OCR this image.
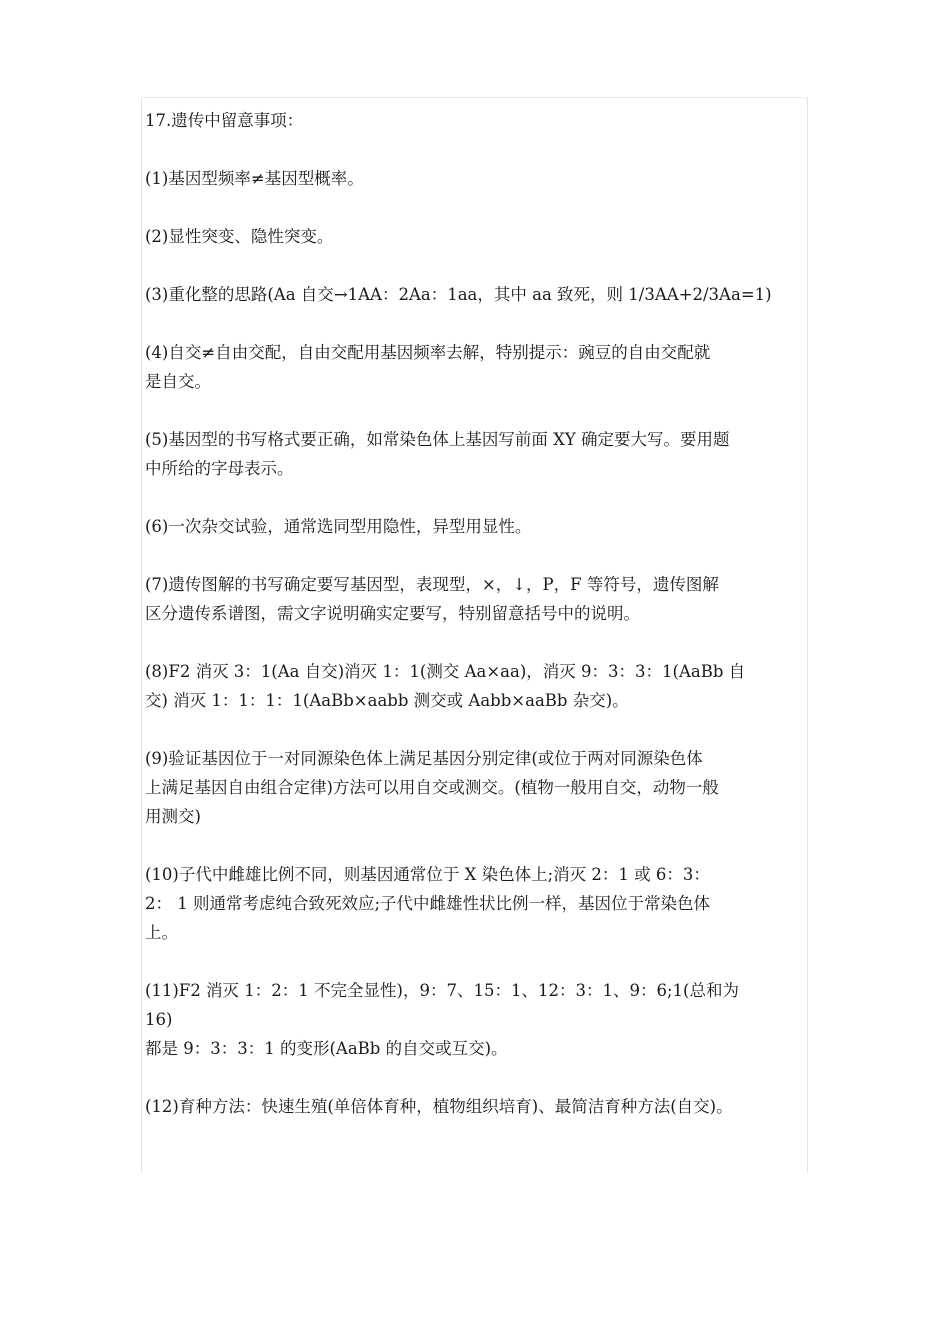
17.遗传中留意事项：

(1)基因型频率≠基因型概率。

(2)显性突变、隐性突变。

(3)重化整的思路(Aa 自交→1AA：2Aa：1aa，其中 aa 致死，则 1/3AA+2/3Aa=1)

(4)自交≠自由交配，自由交配用基因频率去解，特别提示：豌豆的自由交配就

是自交。

(5)基因型的书写格式要正确，如常染色体上基因写前面 XY 确定要大写。要用题

中所给的字母表示。

(6)一次杂交试验，通常选同型用隐性，异型用显性。

(7)遗传图解的书写确定要写基因型，表现型，×，↓，P，F 等符号，遗传图解

区分遗传系谱图，需文字说明确实定要写，特别留意括号中的说明。

(8)F2 消灭 3：1(Aa 自交)消灭 1：1(测交 Aa×aa)，消灭 9：3：3：1(AaBb 自

交) 消灭 1：1：1：1(AaBb×aabb 测交或 Aabb×aaBb 杂交)。

(9)验证基因位于一对同源染色体上满足基因分别定律(或位于两对同源染色体

上满足基因自由组合定律)方法可以用自交或测交。(植物一般用自交，动物一般

用测交)

(10)子代中雌雄比例不同，则基因通常位于 X 染色体上;消灭 2：1 或 6：3：

2： 1 则通常考虑纯合致死效应;子代中雌雄性状比例一样，基因位于常染色体

上。

(11)F2 消灭 1：2：1 不完全显性)，9：7、15：1、12：3：1、9：6;1(总和为

16)

都是 9：3：3：1 的变形(AaBb 的自交或互交)。

(12)育种方法：快速生殖(单倍体育种，植物组织培育)、最简洁育种方法(自交)。
